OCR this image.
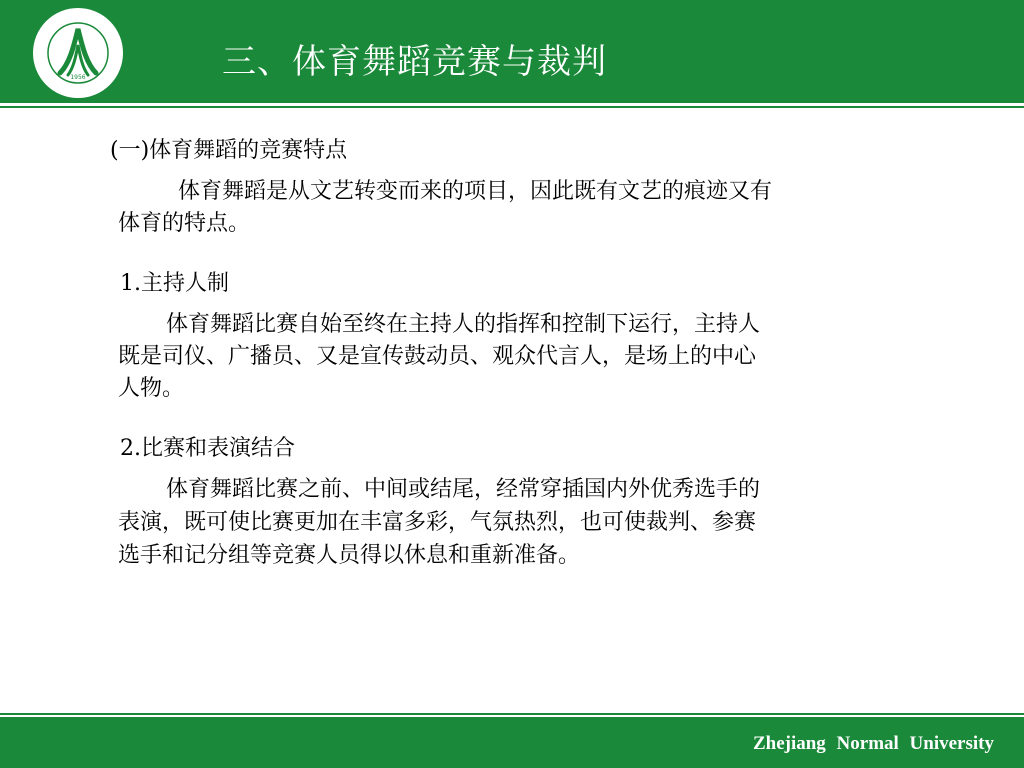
1956	三、体育舞蹈竞赛与裁判
(一)体育舞蹈的竞赛特点
体育舞蹈是从文艺转变而来的项目，因此既有文艺的痕迹又有
体育的特点。
1.主持人制
体育舞蹈比赛自始至终在主持人的指挥和控制下运行，主持人
既是司仪、广播员、又是宣传鼓动员、观众代言人，是场上的中心
人物。
2.比赛和表演结合
体育舞蹈比赛之前、中间或结尾，经常穿插国内外优秀选手的
表演，既可使比赛更加在丰富多彩，气氛热烈，也可使裁判、参赛
选手和记分组等竞赛人员得以休息和重新准备。
Zhejiang Normal University
